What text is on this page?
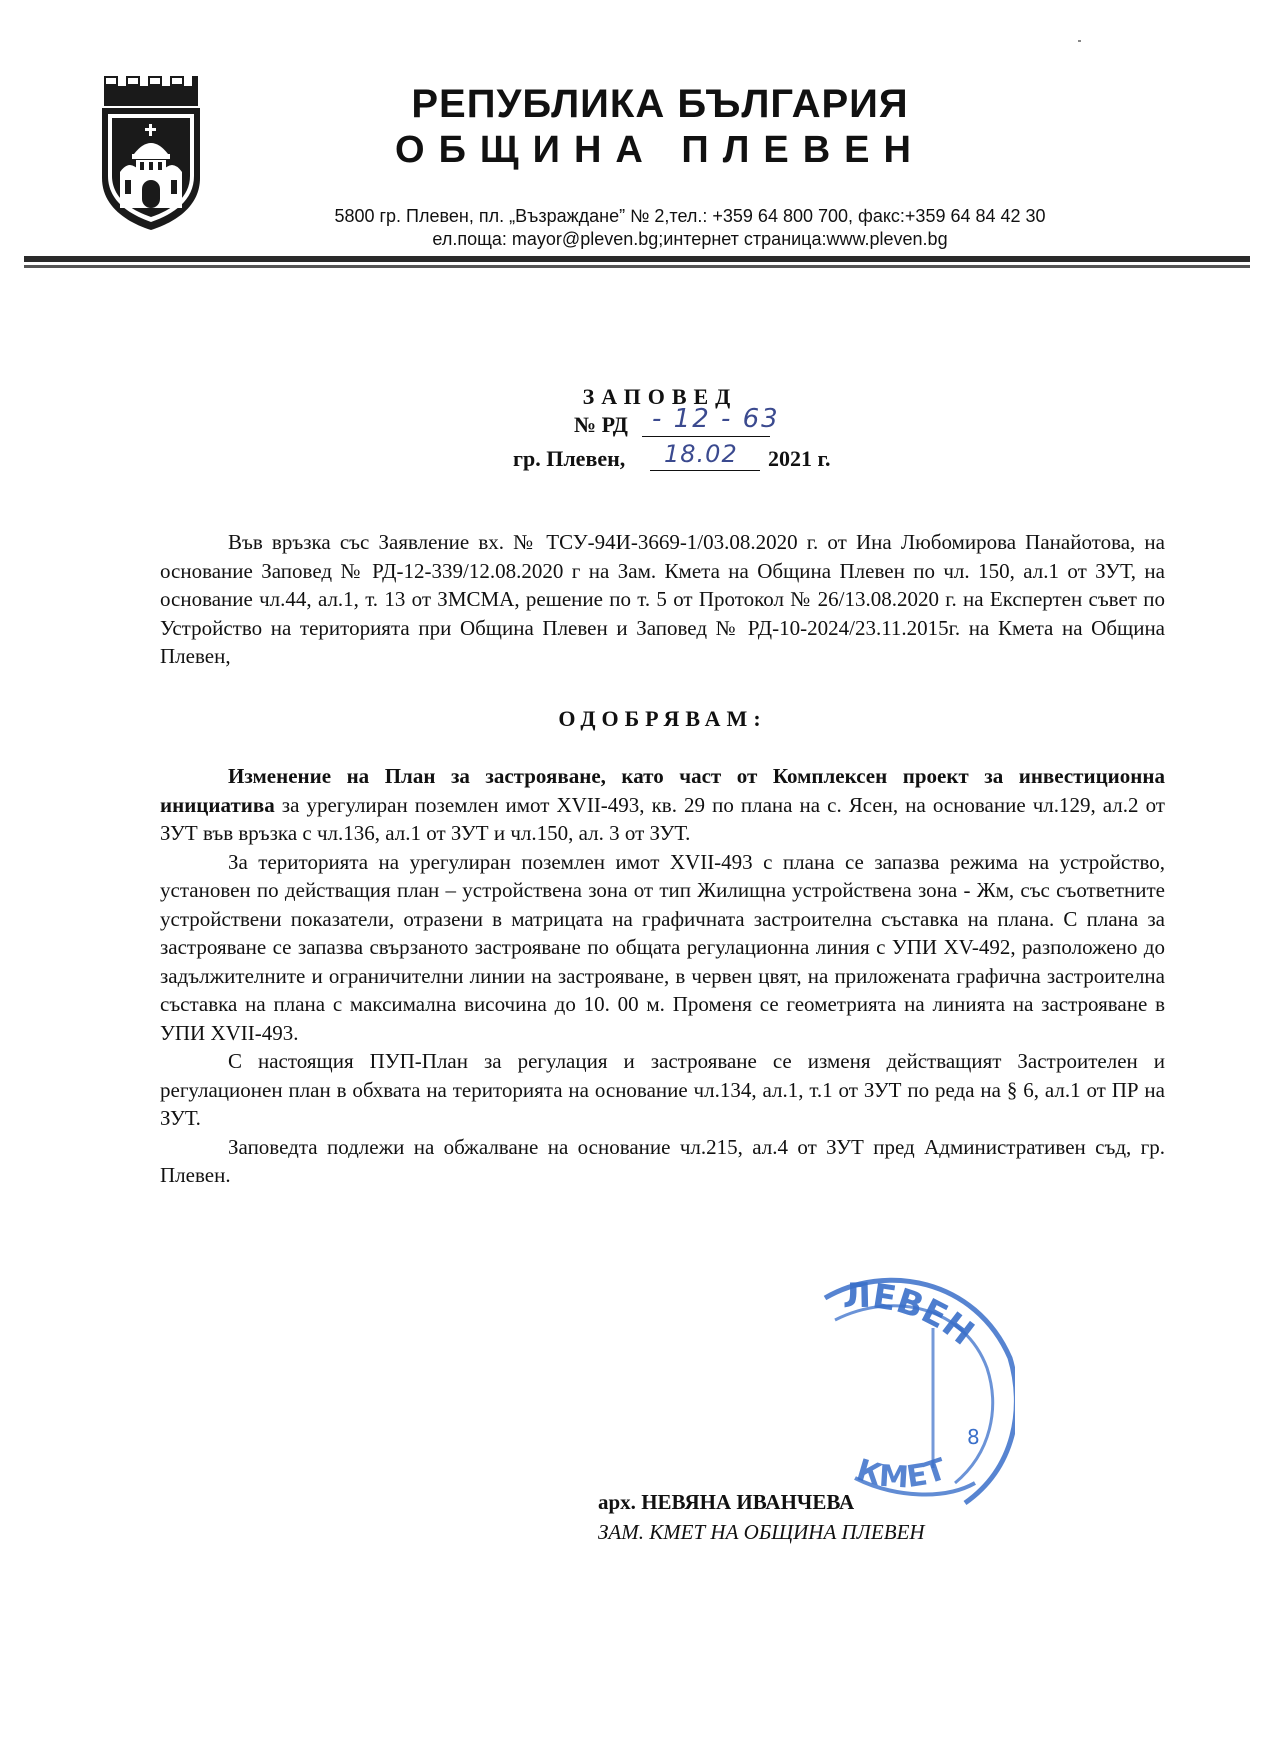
РЕПУБЛИКА БЪЛГАРИЯ
ОБЩИНА ПЛЕВЕН
5800 гр. Плевен, пл. „Възраждане” № 2,тел.: +359 64 800 700, факс:+359 64 84 42 30
ел.поща: mayor@pleven.bg;интернет страница:www.pleven.bg
ЗАПОВЕД
№ РД - 12 - 63
гр. Плевен, 18.02 2021 г.

Във връзка със Заявление вх. № ТСУ-94И-3669-1/03.08.2020 г. от Ина Любомирова Панайотова, на основание Заповед № РД-12-339/12.08.2020 г на Зам. Кмета на Община Плевен по чл. 150, ал.1 от ЗУТ, на основание чл.44, ал.1, т. 13 от ЗМСМА, решение по т. 5 от Протокол № 26/13.08.2020 г. на Експертен съвет по Устройство на територията при Община Плевен и Заповед № РД-10-2024/23.11.2015г. на Кмета на Община Плевен,

ОДОБРЯВАМ:

Изменение на План за застрояване, като част от Комплексен проект за инвестиционна инициатива за урегулиран поземлен имот XVII-493, кв. 29 по плана на с. Ясен, на основание чл.129, ал.2 от ЗУТ във връзка с чл.136, ал.1 от ЗУТ и чл.150, ал. 3 от ЗУТ.

За територията на урегулиран поземлен имот XVII-493 с плана се запазва режима на устройство, установен по действащия план – устройствена зона от тип Жилищна устройствена зона - Жм, със съответните устройствени показатели, отразени в матрицата на графичната застроителна съставка на плана. С плана за застрояване се запазва свързаното застрояване по общата регулационна линия с УПИ XV-492, разположено до задължителните и ограничителни линии на застрояване, в червен цвят, на приложената графична застроителна съставка на плана с максимална височина до 10. 00 м. Променя се геометрията на линията на застрояване в УПИ XVII-493.

С настоящия ПУП-План за регулация и застрояване се изменя действащият Застроителен и регулационен план в обхвата на територията на основание чл.134, ал.1, т.1 от ЗУТ по реда на § 6, ал.1 от ПР на ЗУТ.

Заповедта подлежи на обжалване на основание чл.215, ал.4 от ЗУТ пред Административен съд, гр. Плевен.

ЛЕВЕН
8
КМЕТ
арх. НЕВЯНА ИВАНЧЕВА
ЗАМ. КМЕТ НА ОБЩИНА ПЛЕВЕН
